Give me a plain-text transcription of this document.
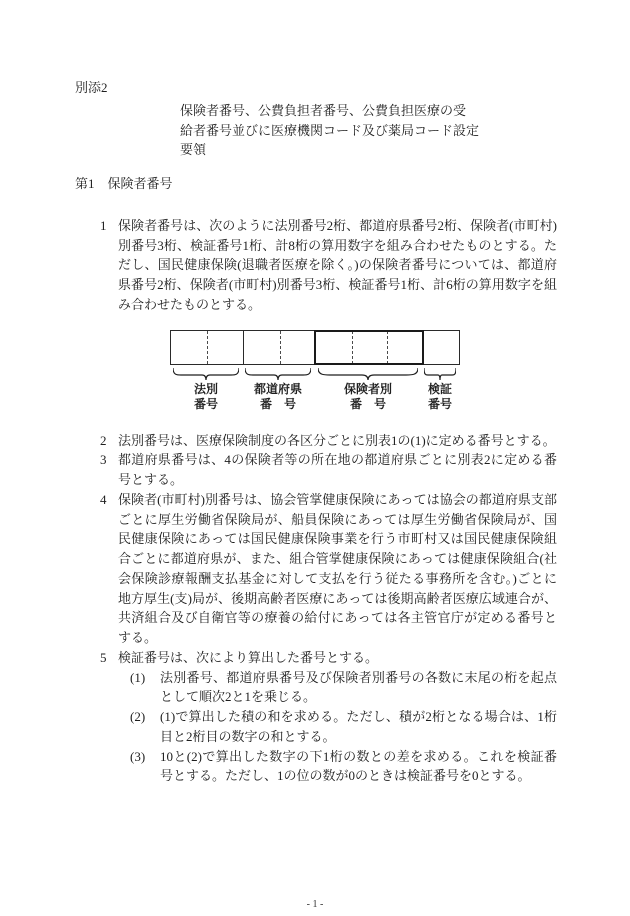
別添2
保険者番号、公費負担者番号、公費負担医療の受
給者番号並びに医療機関コード及び薬局コード設定
要領
第1　保険者番号
1 保険者番号は、次のように法別番号2桁、都道府県番号2桁、保険者(市町村)別番号3桁、検証番号1桁、計8桁の算用数字を組み合わせたものとする。ただし、国民健康保険(退職者医療を除く。)の保険者番号については、都道府県番号2桁、保険者(市町村)別番号3桁、検証番号1桁、計6桁の算用数字を組み合わせたものとする。
法別
番号
都道府県
番　号
保険者別
番　号
検証
番号
2 法別番号は、医療保険制度の各区分ごとに別表1の(1)に定める番号とする。
3 都道府県番号は、4の保険者等の所在地の都道府県ごとに別表2に定める番号とする。
4 保険者(市町村)別番号は、協会管掌健康保険にあっては協会の都道府県支部ごとに厚生労働省保険局が、船員保険にあっては厚生労働省保険局が、国民健康保険にあっては国民健康保険事業を行う市町村又は国民健康保険組合ごとに都道府県が、また、組合管掌健康保険にあっては健康保険組合(社会保険診療報酬支払基金に対して支払を行う従たる事務所を含む。)ごとに地方厚生(支)局が、後期高齢者医療にあっては後期高齢者医療広域連合が、共済組合及び自衛官等の療養の給付にあっては各主管官庁が定める番号とする。
5 検証番号は、次により算出した番号とする。
(1)	法別番号、都道府県番号及び保険者別番号の各数に末尾の桁を起点として順次2と1を乗じる。
(2)	(1)で算出した積の和を求める。ただし、積が2桁となる場合は、1桁目と2桁目の数字の和とする。
(3)	10と(2)で算出した数字の下1桁の数との差を求める。これを検証番号とする。ただし、1の位の数が0のときは検証番号を0とする。
- 1 -
